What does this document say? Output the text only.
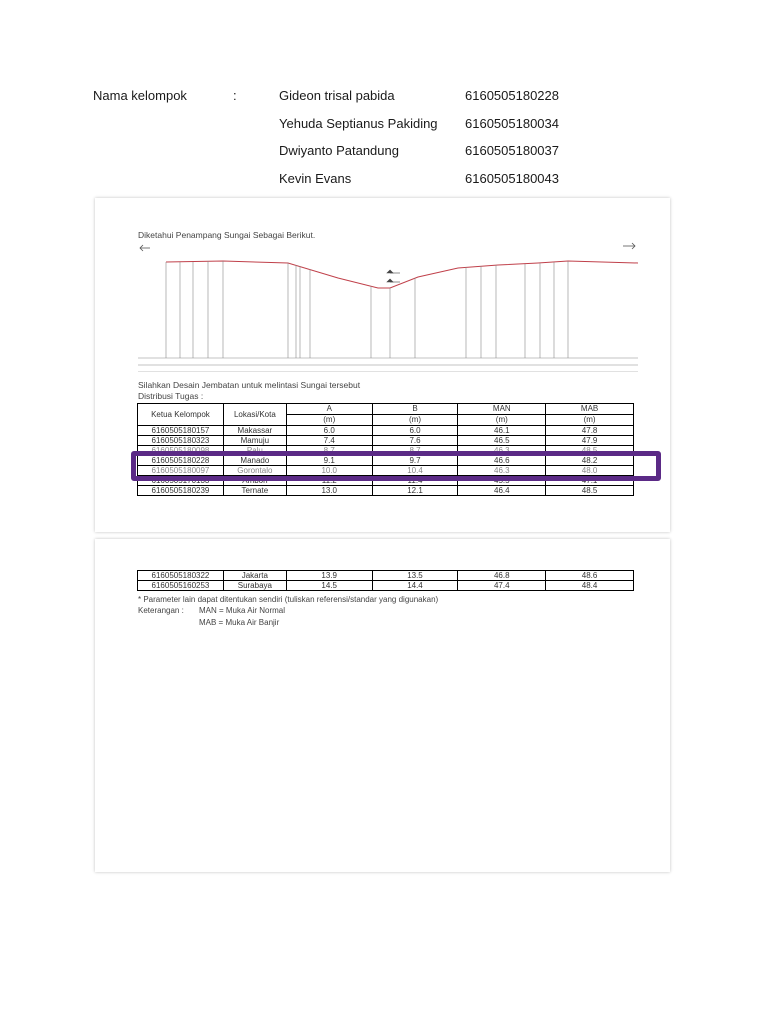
Nama kelompok	:	Gideon trisal pabida	6160505180228
Yehuda Septianus Pakiding 6160505180034
Dwiyanto Patandung	6160505180037
Kevin Evans	6160505180043
Diketahui Penampang Sungai Sebagai Berikut.
Silahkan Desain Jembatan untuk melintasi Sungai tersebut
Distribusi Tugas :
Ketua Kelompok	Lokasi/Kota	A	B	MAN	MAB
		(m)	(m)	(m)	(m)
6160505180157	Makassar	6.0	6.0	46.1	47.8
6160505180323	Mamuju	7.4	7.6	46.5	47.9
6160505180098	Palu	8.7	8.7	46.3	48.5
6160505180228	Manado	9.1	9.7	46.6	48.2
6160505180097	Gorontalo	10.0	10.4	46.3	48.0
6160505170133	Ambon	11.2	11.4	45.5	47.1
6160505180239	Ternate	13.0	12.1	46.4	48.5
6160505180322	Jakarta	13.9	13.5	46.8	48.6
6160505160253	Surabaya	14.5	14.4	47.4	48.4
* Parameter lain dapat ditentukan sendiri (tuliskan referensi/standar yang digunakan)
Keterangan : MAN = Muka Air Normal
MAB = Muka Air Banjir
